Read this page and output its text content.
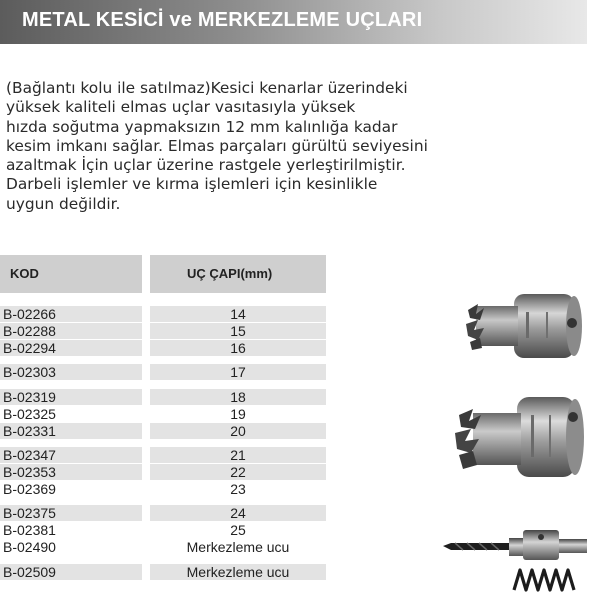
METAL KESİCİ ve MERKEZLEME UÇLARI
(Bağlantı kolu ile satılmaz)Kesici kenarlar üzerindeki
yüksek kaliteli elmas uçlar vasıtasıyla yüksek
hızda soğutma yapmaksızın 12 mm kalınlığa kadar
kesim imkanı sağlar. Elmas parçaları gürültü seviyesini
azaltmak İçin uçlar üzerine rastgele yerleştirilmiştir.
Darbeli işlemler ve kırma işlemleri için kesinlikle
uygun değildir.
KOD	UÇ ÇAPI(mm)
B-02266	14
B-02288	15
B-02294	16
B-02303	17
B-02319	18
B-02325	19
B-02331	20
B-02347	21
B-02353	22
B-02369	23
B-02375	24
B-02381	25
B-02490	Merkezleme ucu
B-02509	Merkezleme ucu
